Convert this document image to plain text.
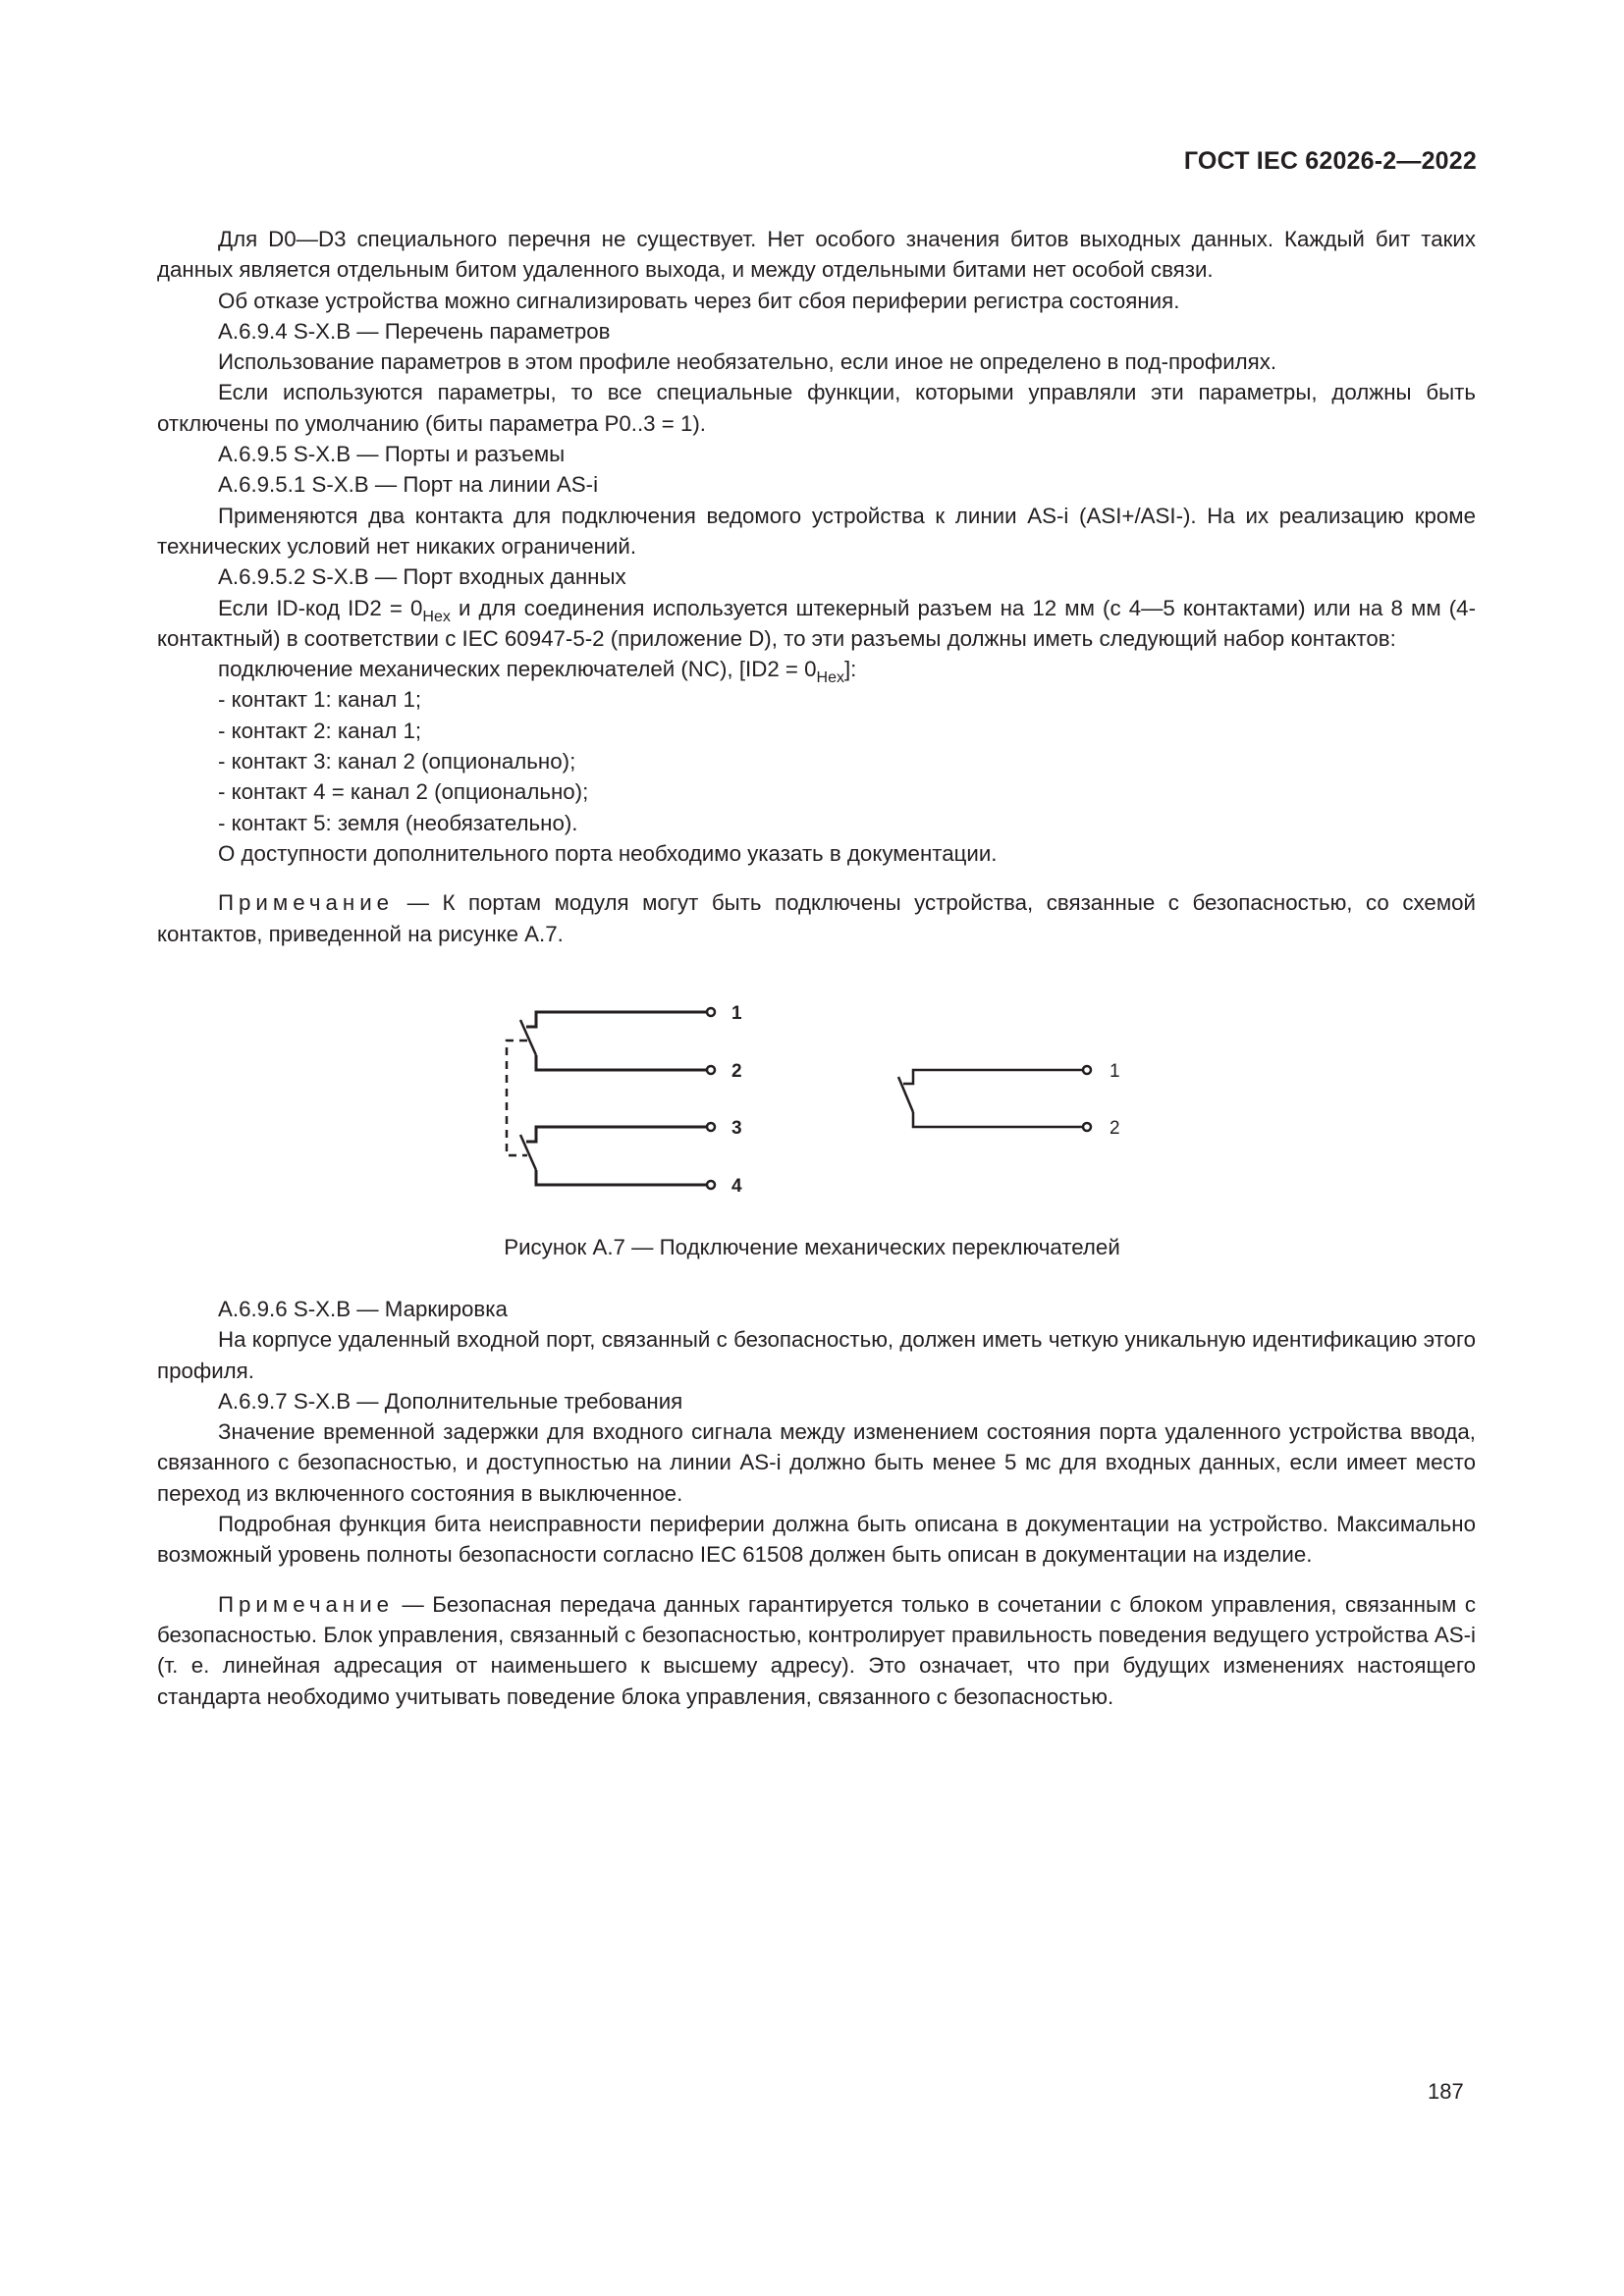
ГОСТ IEC 62026-2—2022

Для D0—D3 специального перечня не существует. Нет особого значения битов выходных данных. Каждый бит таких данных является отдельным битом удаленного выхода, и между отдельными битами нет особой связи.

Об отказе устройства можно сигнализировать через бит сбоя периферии регистра состояния.

A.6.9.4 S-X.B — Перечень параметров

Использование параметров в этом профиле необязательно, если иное не определено в под-профилях.

Если используются параметры, то все специальные функции, которыми управляли эти параметры, должны быть отключены по умолчанию (биты параметра P0..3 = 1).

A.6.9.5 S-X.B — Порты и разъемы

A.6.9.5.1 S-X.B — Порт на линии AS-i

Применяются два контакта для подключения ведомого устройства к линии AS-i (ASI+/ASI-). На их реализацию кроме технических условий нет никаких ограничений.

A.6.9.5.2 S-X.B — Порт входных данных

Если ID-код $ID2 = 0_{Hex}$ и для соединения используется штекерный разъем на 12 мм (с 4—5 контактами) или на 8 мм (4-контактный) в соответствии с IEC 60947-5-2 (приложение D), то эти разъемы должны иметь следующий набор контактов:

подключение механических переключателей (NC), $[ID2 = 0_{Hex}]$:

- контакт 1: канал 1;

- контакт 2: канал 1;

- контакт 3: канал 2 (опционально);

- контакт 4 = канал 2 (опционально);

- контакт 5: земля (необязательно).

О доступности дополнительного порта необходимо указать в документации.

Примечание — К портам модуля могут быть подключены устройства, связанные с безопасностью, со схемой контактов, приведенной на рисунке А.7.

1
2
3
4
1
2
Рисунок А.7 — Подключение механических переключателей

A.6.9.6 S-X.B — Маркировка

На корпусе удаленный входной порт, связанный с безопасностью, должен иметь четкую уникальную идентификацию этого профиля.

A.6.9.7 S-X.B — Дополнительные требования

Значение временной задержки для входного сигнала между изменением состояния порта удаленного устройства ввода, связанного с безопасностью, и доступностью на линии AS-i должно быть менее 5 мс для входных данных, если имеет место переход из включенного состояния в выключенное.

Подробная функция бита неисправности периферии должна быть описана в документации на устройство. Максимально возможный уровень полноты безопасности согласно IEC 61508 должен быть описан в документации на изделие.

Примечание — Безопасная передача данных гарантируется только в сочетании с блоком управления, связанным с безопасностью. Блок управления, связанный с безопасностью, контролирует правильность поведения ведущего устройства AS-i (т. е. линейная адресация от наименьшего к высшему адресу). Это означает, что при будущих изменениях настоящего стандарта необходимо учитывать поведение блока управления, связанного с безопасностью.

187
